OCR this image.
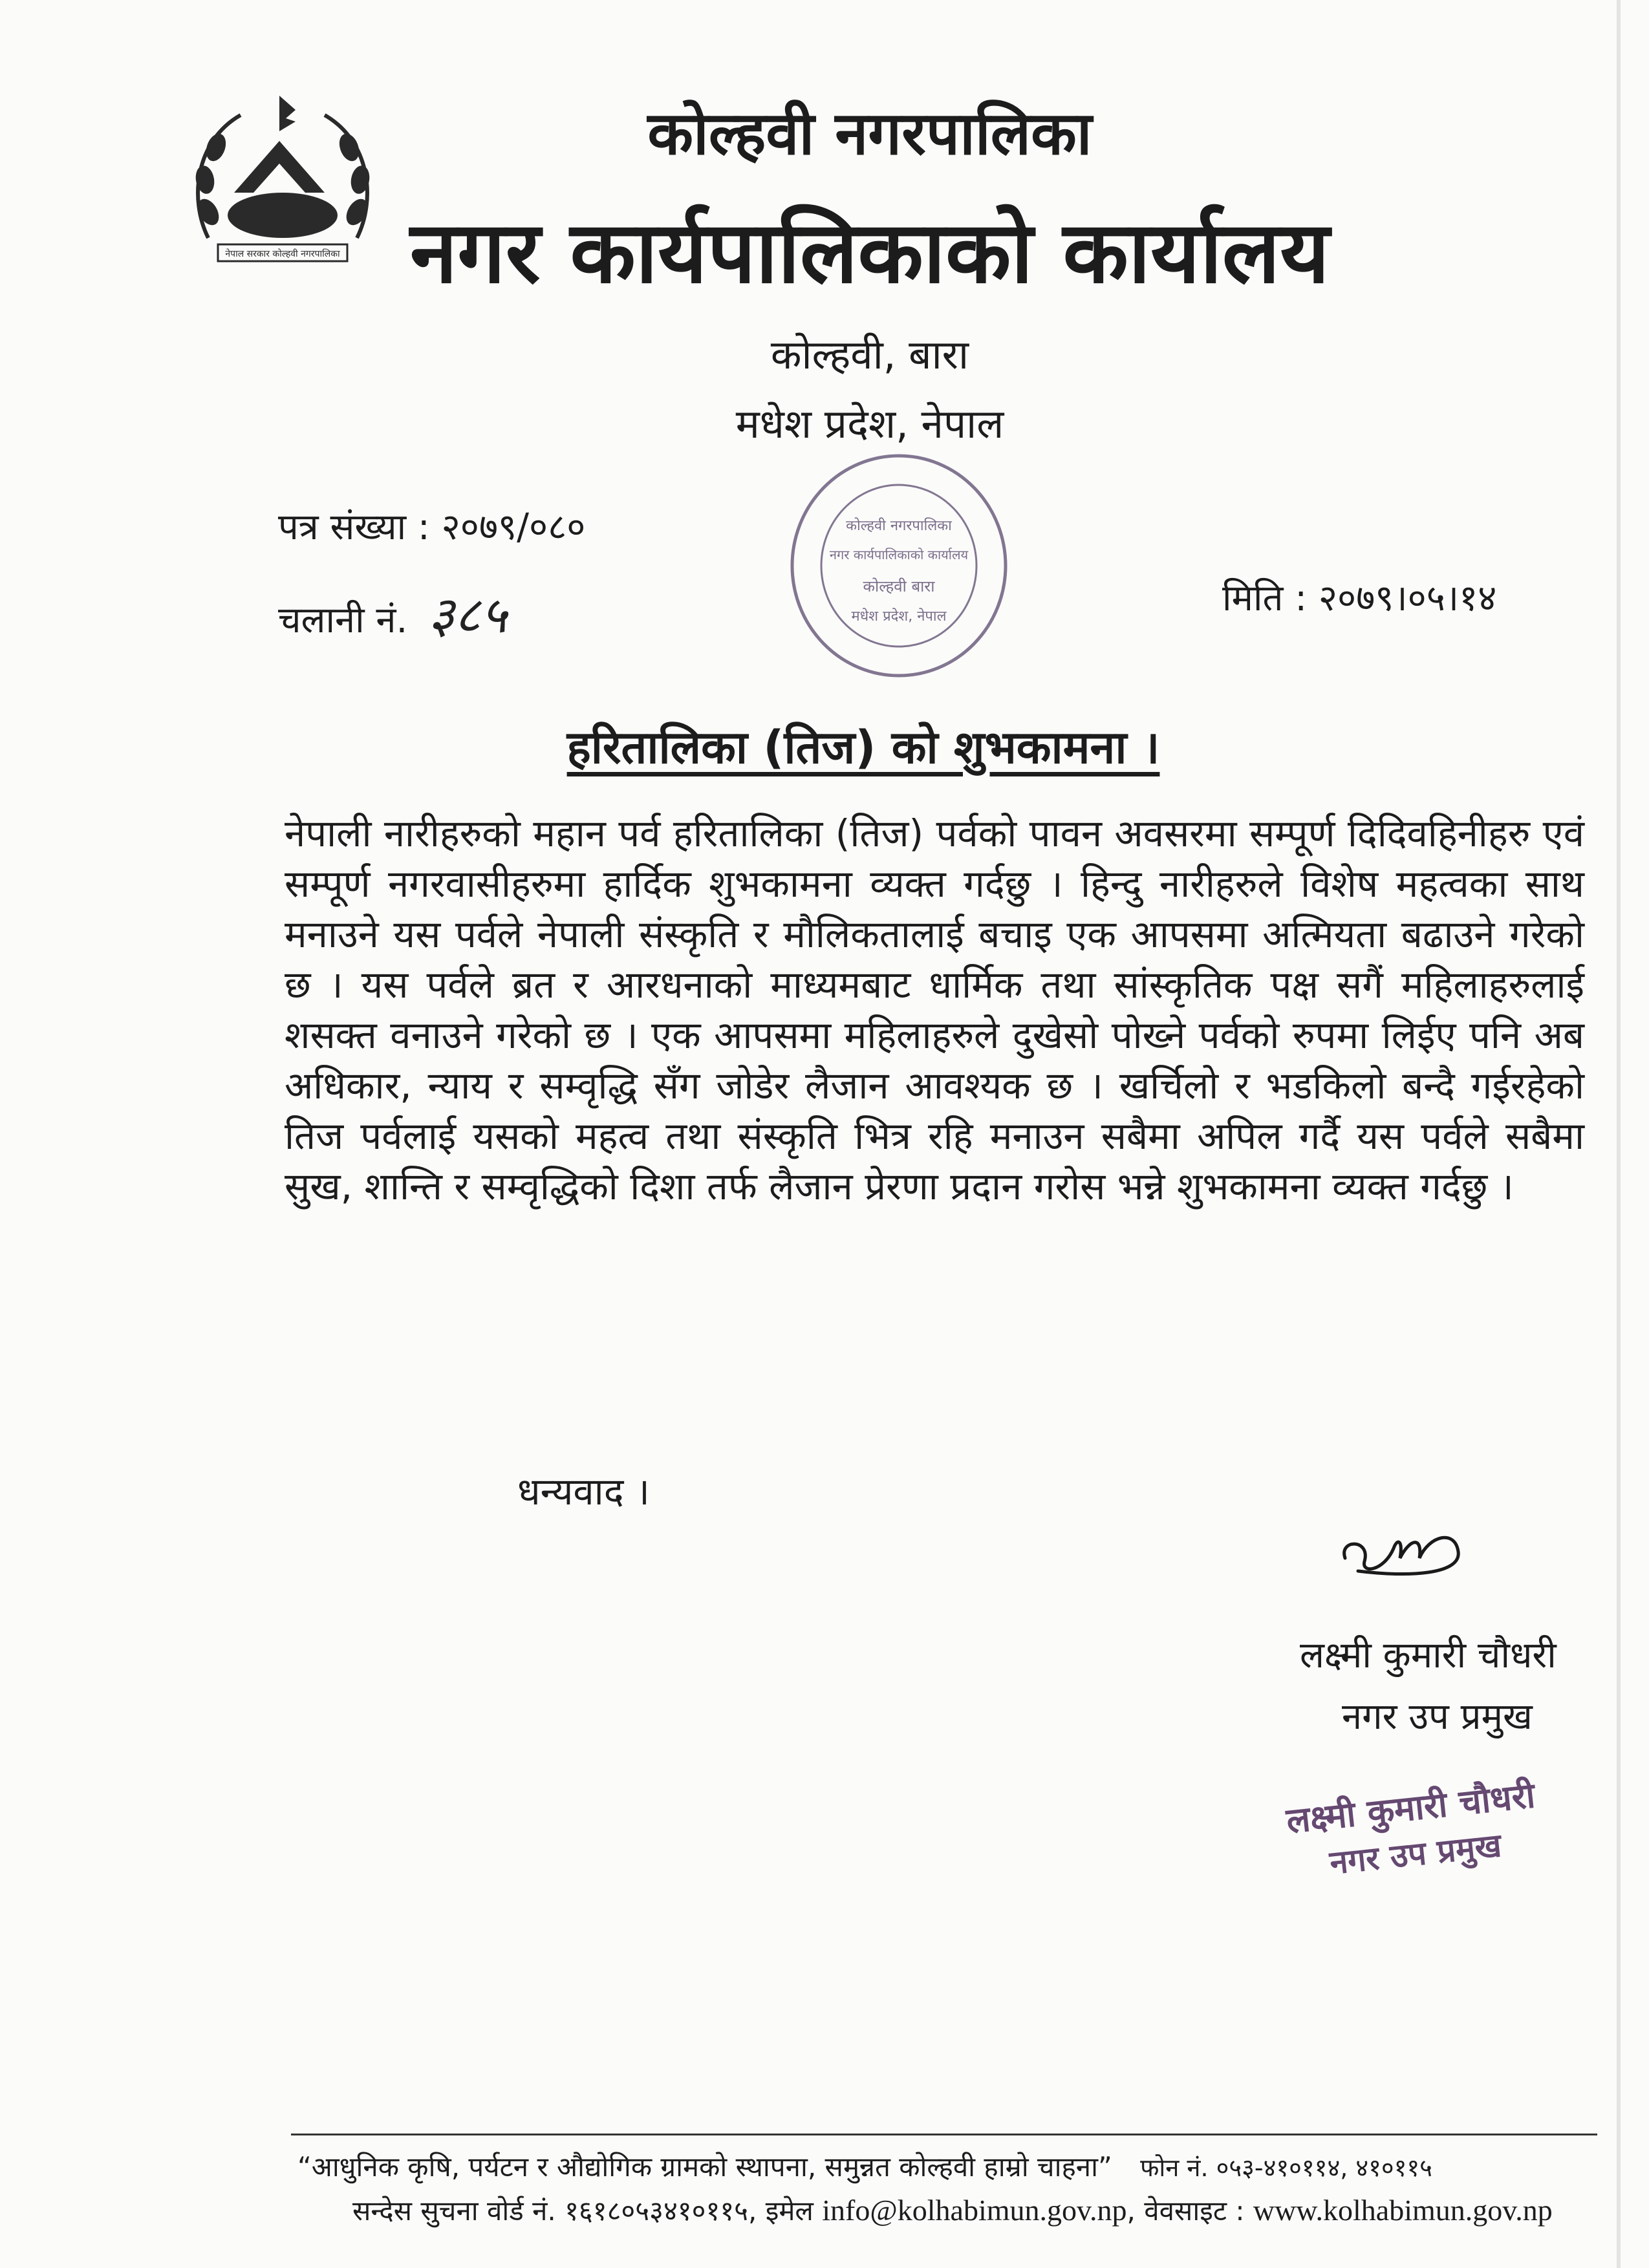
नेपाल सरकार कोल्हवी नगरपालिका
कोल्हवी नगरपालिका
नगर कार्यपालिकाको कार्यालय
कोल्हवी, बारा
मधेश प्रदेश, नेपाल
पत्र संख्या : २०७९/०८०
चलानी नं. ३८५	मिति : २०७९।०५।१४
कोल्हवी नगरपालिका
नगर कार्यपालिकाको कार्यालय
कोल्हवी बारा
मधेश प्रदेश, नेपाल
हरितालिका (तिज) को शुभकामना ।

नेपाली नारीहरुको महान पर्व हरितालिका (तिज) पर्वको पावन अवसरमा सम्पूर्ण दिदिवहिनीहरु एवं सम्पूर्ण नगरवासीहरुमा हार्दिक शुभकामना व्यक्त गर्दछु । हिन्दु नारीहरुले विशेष महत्वका साथ मनाउने यस पर्वले नेपाली संस्कृति र मौलिकतालाई बचाइ एक आपसमा अत्मियता बढाउने गरेको छ । यस पर्वले ब्रत र आरधनाको माध्यमबाट धार्मिक तथा सांस्कृतिक पक्ष सगैं महिलाहरुलाई शसक्त वनाउने गरेको छ । एक आपसमा महिलाहरुले दुखेसो पोख्ने पर्वको रुपमा लिईए पनि अब अधिकार, न्याय र सम्वृद्धि सँग जोडेर लैजान आवश्यक छ । खर्चिलो र भडकिलो बन्दै गईरहेको तिज पर्वलाई यसको महत्व तथा संस्कृति भित्र रहि मनाउन सबैमा अपिल गर्दै यस पर्वले सबैमा सुख, शान्ति र सम्वृद्धिको दिशा तर्फ लैजान प्रेरणा प्रदान गरोस भन्ने शुभकामना व्यक्त गर्दछु ।

धन्यवाद ।
लक्ष्मी कुमारी चौधरी
नगर उप प्रमुख
लक्ष्मी कुमारी चौधरी
नगर उप प्रमुख
“आधुनिक कृषि, पर्यटन र औद्योगिक ग्रामको स्थापना, समुन्नत कोल्हवी हाम्रो चाहना” फोन नं. ०५३-४१०११४, ४१०११५
सन्देस सुचना वोर्ड नं. १६१८०५३४१०११५, इमेल info@kolhabimun.gov.np, वेवसाइट : www.kolhabimun.gov.np
